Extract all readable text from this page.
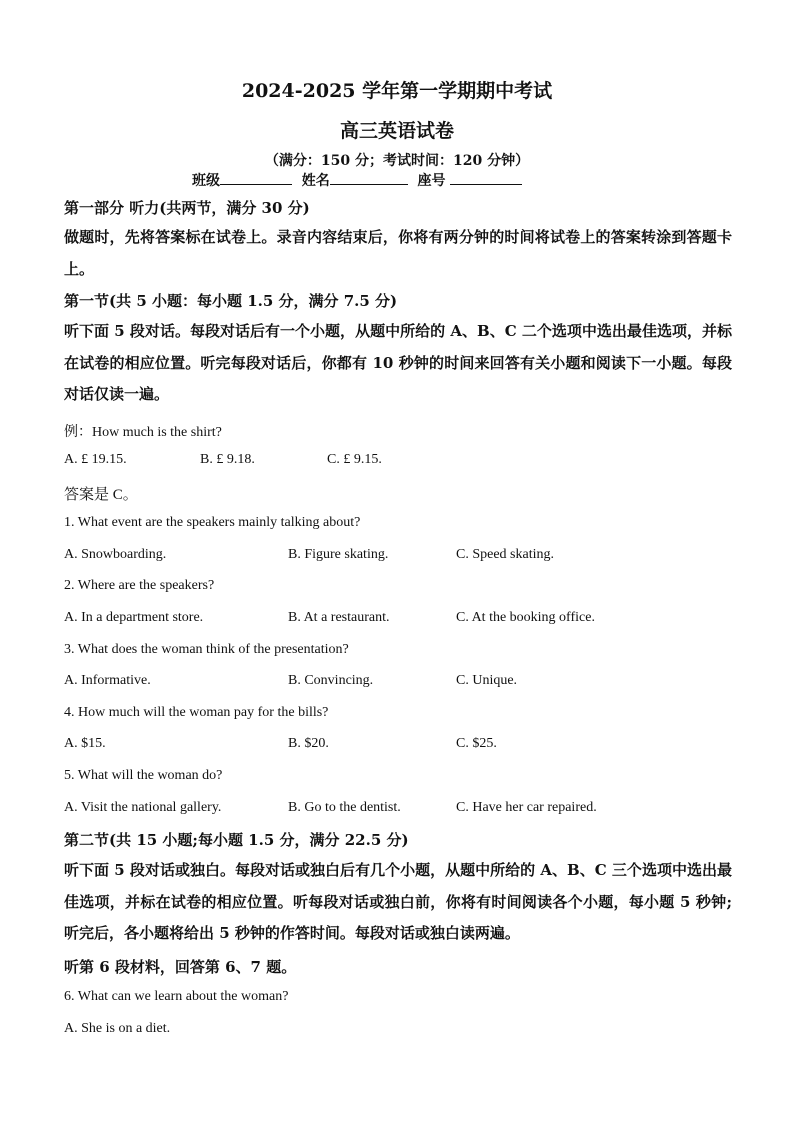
2024-2025 学年第一学期期中考试
高三英语试卷
（满分：150 分；考试时间：120 分钟）
班级	姓名	座号
第一部分 听力(共两节，满分 30 分)
做题时，先将答案标在试卷上。录音内容结束后，你将有两分钟的时间将试卷上的答案转涂到答题卡上。
第一节(共 5 小题：每小题 1.5 分，满分 7.5 分)
听下面 5 段对话。每段对话后有一个小题，从题中所给的 A、B、C 二个选项中选出最佳选项，并标在试卷的相应位置。听完每段对话后，你都有 10 秒钟的时间来回答有关小题和阅读下一小题。每段对话仅读一遍。
例：How much is the shirt?
A. £ 19.15.	B. £ 9.18.	C. £ 9.15.
答案是 C。
1. What event are the speakers mainly talking about?
A. Snowboarding.	B. Figure skating.	C. Speed skating.
2. Where are the speakers?
A. In a department store.	B. At a restaurant.	C. At the booking office.
3. What does the woman think of the presentation?
A. Informative.	B. Convincing.	C. Unique.
4. How much will the woman pay for the bills?
A. $15.	B. $20.	C. $25.
5. What will the woman do?
A. Visit the national gallery.	B. Go to the dentist.	C. Have her car repaired.
第二节(共 15 小题;每小题 1.5 分，满分 22.5 分)
听下面 5 段对话或独白。每段对话或独白后有几个小题，从题中所给的 A、B、C 三个选项中选出最佳选项，并标在试卷的相应位置。听每段对话或独白前，你将有时间阅读各个小题，每小题 5 秒钟;听完后，各小题将给出 5 秒钟的作答时间。每段对话或独白读两遍。
听第 6 段材料，回答第 6、7 题。
6. What can we learn about the woman?
A. She is on a diet.
